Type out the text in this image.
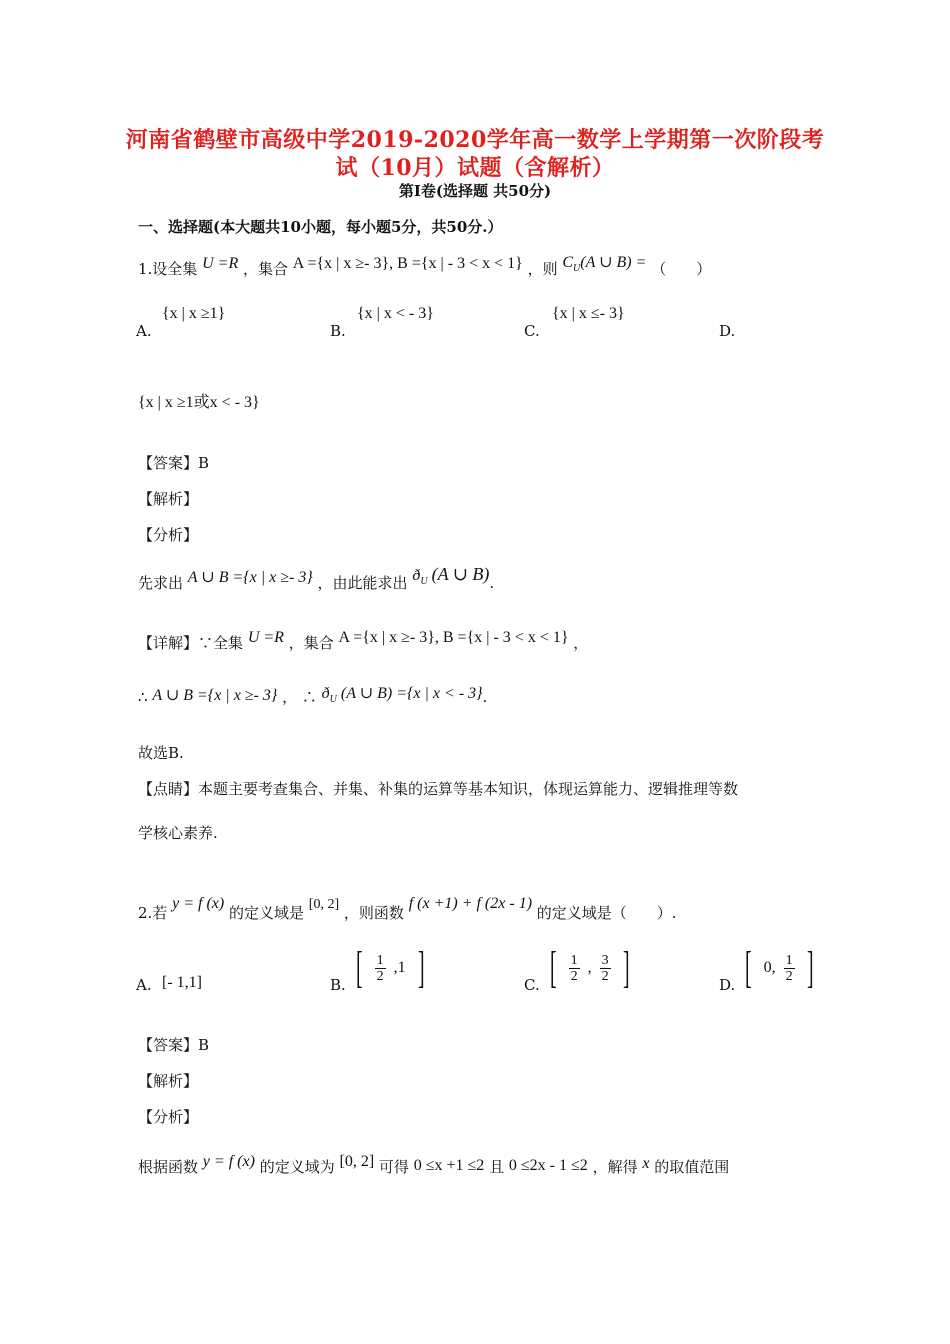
河南省鹤壁市高级中学2019-2020学年高一数学上学期第一次阶段考
试（10月）试题（含解析）
第Ⅰ卷(选择题 共50分)
一、选择题(本大题共10小题，每小题5分，共50分.）
1.设全集 U =R ，集合 A ={x | x ≥- 3}, B ={x | - 3 < x < 1} ，则 $C_U(A$ ∪ B) = （　　）
A.
{x | x ≥1}
B.
{x | x < - 3}
C.
{x | x ≤- 3}
D.
{x | x ≥1或x < - 3}
【答案】B
【解析】
【分析】
先求出 A ∪ B ={x | x ≥- 3} ，由此能求出 $ð_U$ (A ∪ B).
【详解】∵全集 U =R ，集合 A ={x | x ≥- 3}, B ={x | - 3 < x < 1} ，
∴ A ∪ B ={x | x ≥- 3} ， ∴ $ð_U$ (A ∪ B) ={x | x < - 3}.
故选B.
【点睛】本题主要考查集合、并集、补集的运算等基本知识，体现运算能力、逻辑推理等数
学核心素养.
2.若 y = f (x) 的定义域是 [0, 2] ，则函数 f (x +1) + f (2x - 1) 的定义域是（　　）.
A. [- 1,1]	B. [ $\frac{1}{2} ,1$ ]	C. [ $\frac{1}{2}$ , $\frac{3}{2}$ ]	D. [ 0, $\frac{1}{2}$ ]
【答案】B
【解析】
【分析】
根据函数 y = f (x) 的定义域为 [0, 2] 可得 0 ≤x +1 ≤2 且 0 ≤2x - 1 ≤2 ，解得 x 的取值范围
